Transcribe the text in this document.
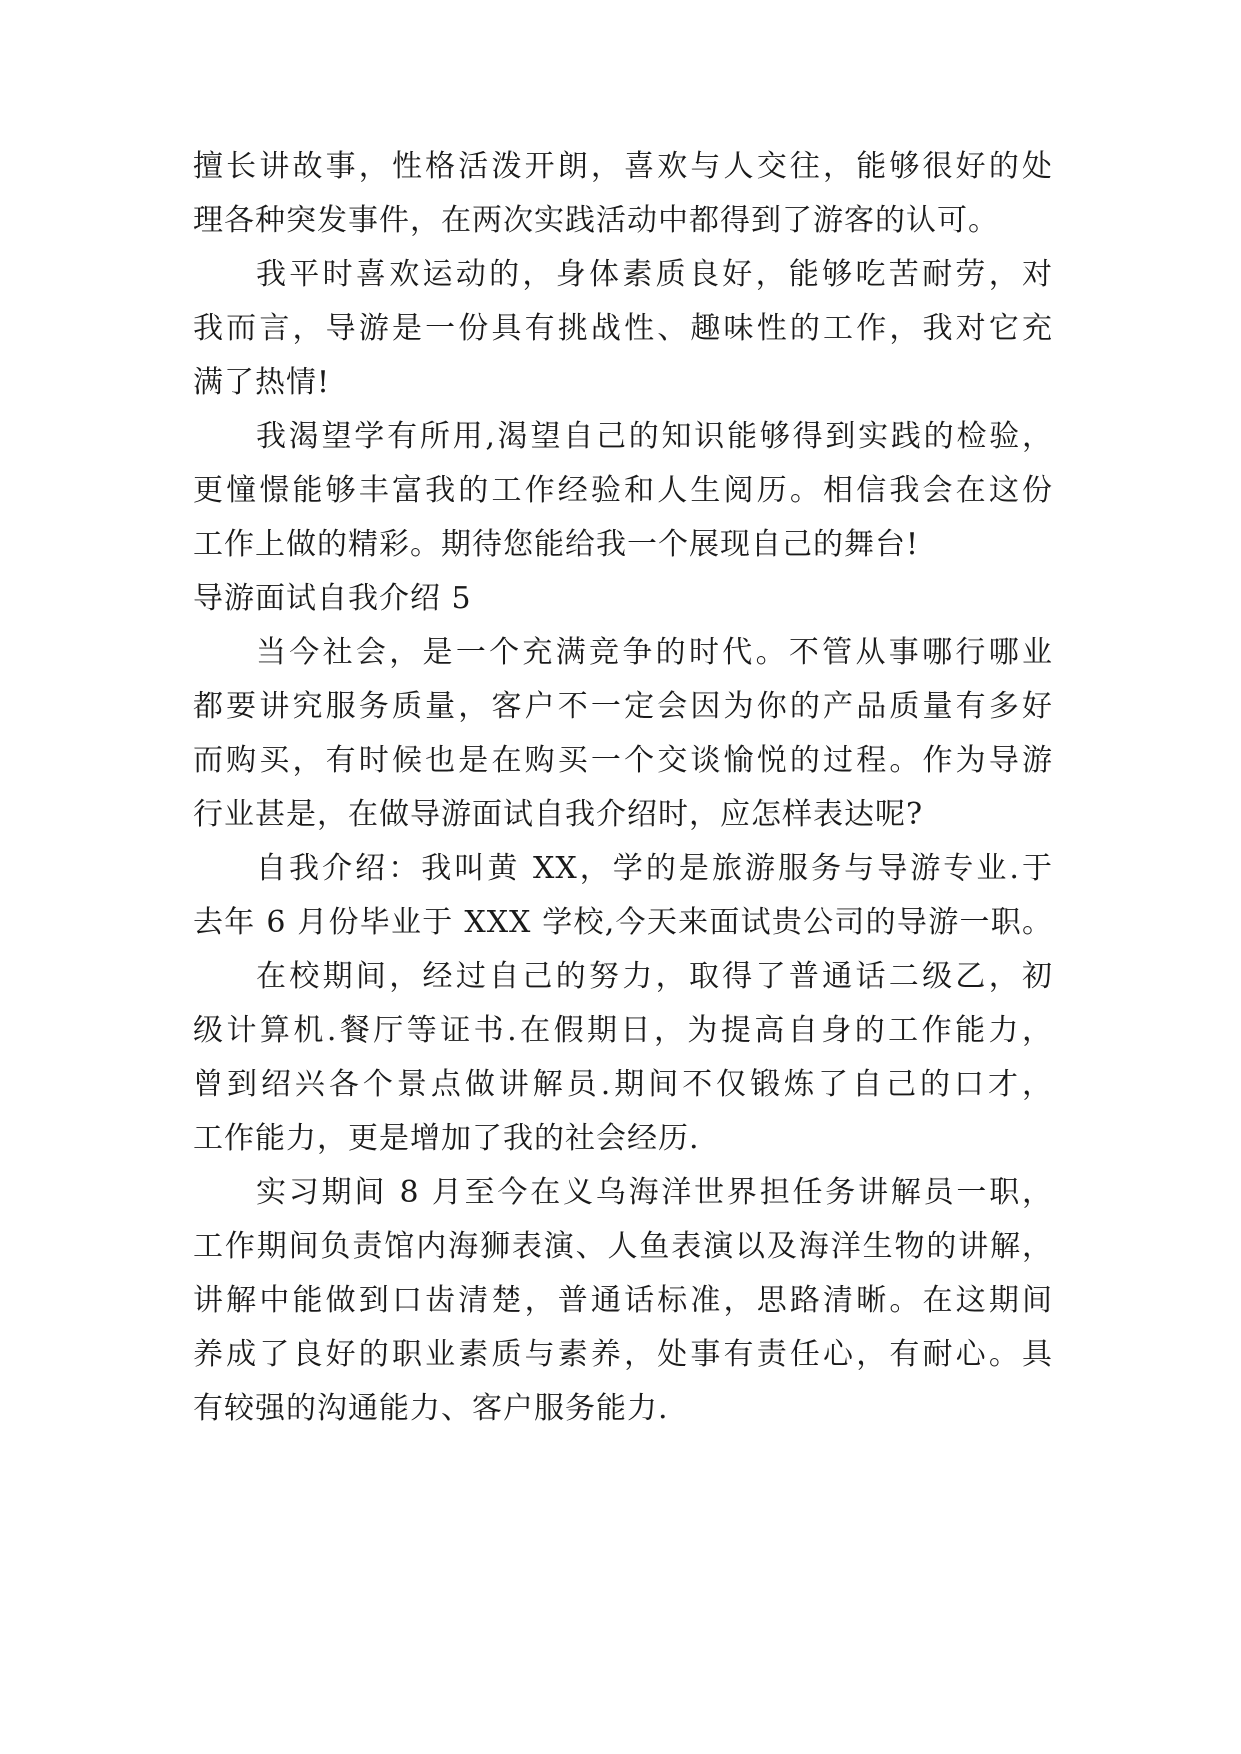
擅长讲故事，性格活泼开朗，喜欢与人交往，能够很好的处
理各种突发事件，在两次实践活动中都得到了游客的认可。
我平时喜欢运动的，身体素质良好，能够吃苦耐劳，对
我而言，导游是一份具有挑战性、趣味性的工作，我对它充
满了热情!
我渴望学有所用,渴望自己的知识能够得到实践的检验，
更憧憬能够丰富我的工作经验和人生阅历。相信我会在这份
工作上做的精彩。期待您能给我一个展现自己的舞台!
导游面试自我介绍 5
当今社会，是一个充满竞争的时代。不管从事哪行哪业
都要讲究服务质量，客户不一定会因为你的产品质量有多好
而购买，有时候也是在购买一个交谈愉悦的过程。作为导游
行业甚是，在做导游面试自我介绍时，应怎样表达呢?
自我介绍：我叫黄 XX，学的是旅游服务与导游专业.于
去年 6 月份毕业于 XXX 学校,今天来面试贵公司的导游一职。
在校期间，经过自己的努力，取得了普通话二级乙，初
级计算机.餐厅等证书.在假期日，为提高自身的工作能力，
曾到绍兴各个景点做讲解员.期间不仅锻炼了自己的口才，
工作能力，更是增加了我的社会经历.
实习期间 8 月至今在义乌海洋世界担任务讲解员一职，
工作期间负责馆内海狮表演、人鱼表演以及海洋生物的讲解，
讲解中能做到口齿清楚，普通话标准，思路清晰。在这期间
养成了良好的职业素质与素养，处事有责任心，有耐心。具
有较强的沟通能力、客户服务能力.
